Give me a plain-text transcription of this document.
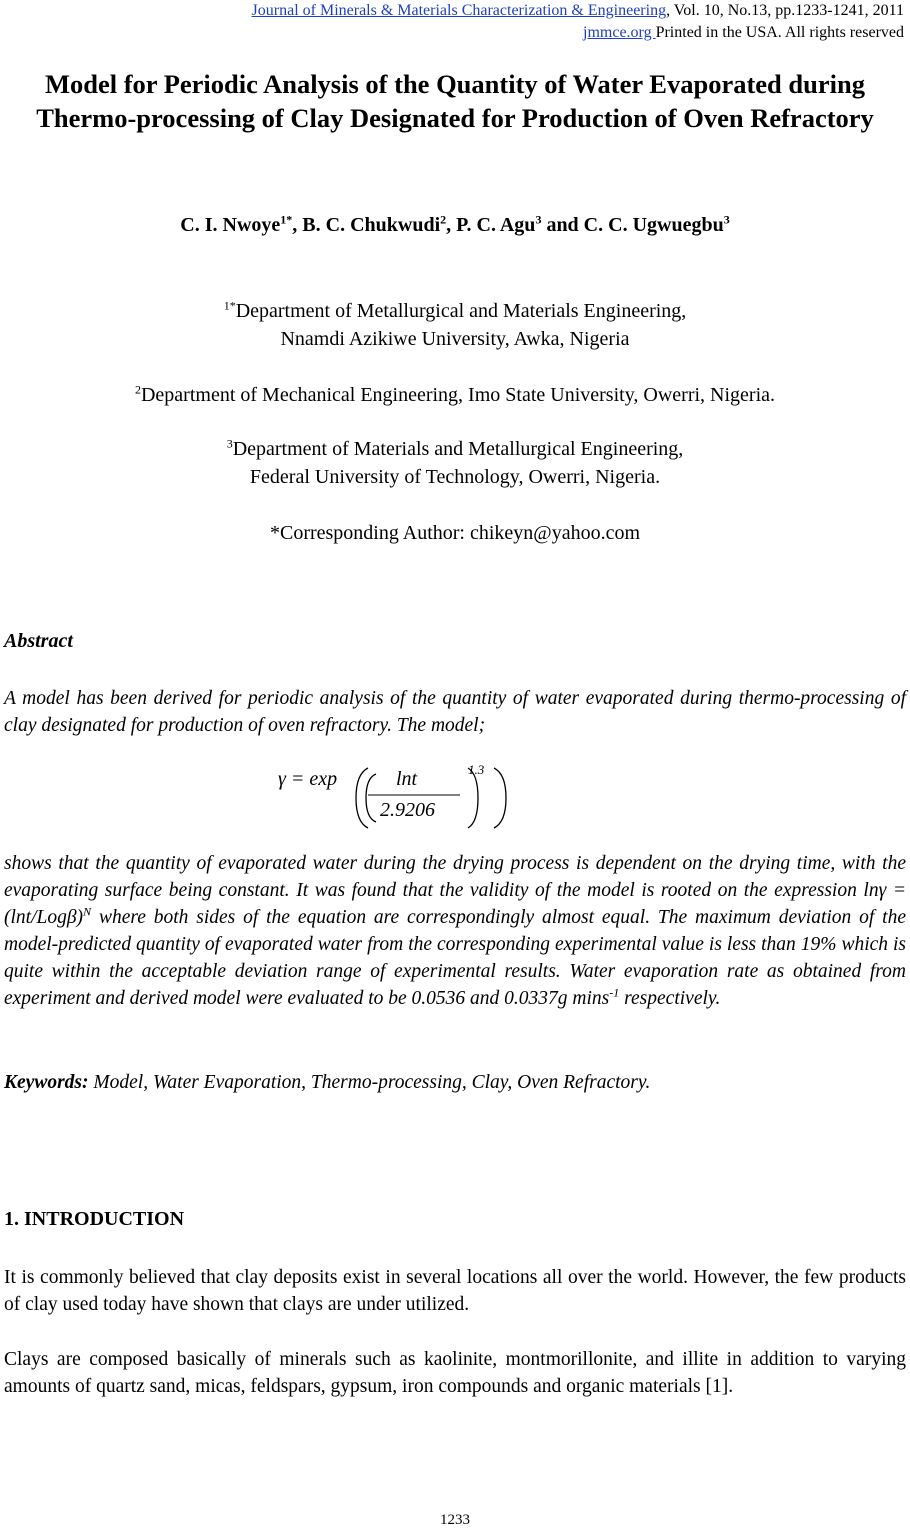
Journal of Minerals & Materials Characterization & Engineering, Vol. 10, No.13, pp.1233-1241, 2011
jmmce.org Printed in the USA. All rights reserved
Model for Periodic Analysis of the Quantity of Water Evaporated during
Thermo-processing of Clay Designated for Production of Oven Refractory
C. I. Nwoye$^{1*}$, B. C. Chukwudi$^2$, P. C. Agu$^3$ and C. C. Ugwuegbu$^3$
$^{1*}$Department of Metallurgical and Materials Engineering,
Nnamdi Azikiwe University, Awka, Nigeria
$^2$Department of Mechanical Engineering, Imo State University, Owerri, Nigeria.
$^3$Department of Materials and Metallurgical Engineering,
Federal University of Technology, Owerri, Nigeria.
*Corresponding Author: chikeyn@yahoo.com
Abstract
A model has been derived for periodic analysis of the quantity of water evaporated during thermo-processing of clay designated for production of oven refractory. The model;
γ = exp	lnt
2.9206
1.3
shows that the quantity of evaporated water during the drying process is dependent on the drying time, with the evaporating surface being constant. It was found that the validity of the model is rooted on the expression $\ln\gamma = (\ln t/Log\beta)^N$ where both sides of the equation are correspondingly almost equal. The maximum deviation of the model-predicted quantity of evaporated water from the corresponding experimental value is less than 19% which is quite within the acceptable deviation range of experimental results. Water evaporation rate as obtained from experiment and derived model were evaluated to be 0.0536 and 0.0337g mins$^{-1}$ respectively.
Keywords: Model, Water Evaporation, Thermo-processing, Clay, Oven Refractory.
1. INTRODUCTION
It is commonly believed that clay deposits exist in several locations all over the world. However, the few products of clay used today have shown that clays are under utilized.
Clays are composed basically of minerals such as kaolinite, montmorillonite, and illite in addition to varying amounts of quartz sand, micas, feldspars, gypsum, iron compounds and organic materials [1].
1233
